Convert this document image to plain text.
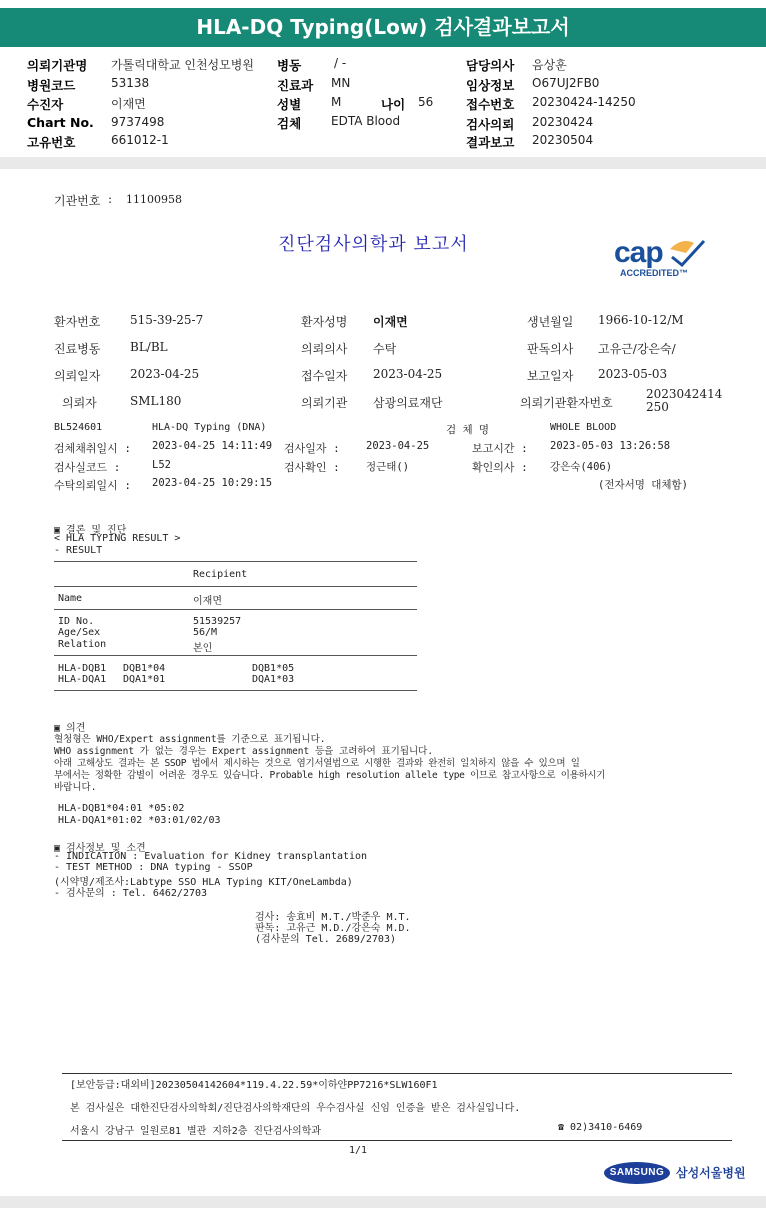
HLA-DQ Typing(Low) 검사결과보고서
의뢰기관명 가톨릭대학교 인천성모병원
병원코드	53138
수진자	이재면
Chart No. 9737498
고유번호	661012-1
병동	/ -
진료과 MN
성별 M	나이 56
검체 EDTA Blood
담당의사 음상훈
임상정보 O67UJ2FB0
접수번호 20230424-14250
검사의뢰 20230424
결과보고 20230504
기관번호 : 11100958
진단검사의학과 보고서	cap
ACCREDITED™
환자번호 515-39-25-7	환자성명 이재면	생년월일 1966-10-12/M
진료병동 BL/BL	의뢰의사 수탁	판독의사 고유근/강은숙/
의뢰일자 2023-04-25	접수일자 2023-04-25	보고일자 2023-05-03
의뢰자	SML180	의뢰기관 삼광의료재단	의뢰기관환자번호
2023042414250
BL524601	HLA-DQ Typing (DNA)	검 체 명	WHOLE BLOOD
검체채취일시 : 2023-04-25 14:11:49 검사일자 :	2023-04-25	보고시간 : 2023-05-03 13:26:58
검사실코드 :	L52	검사확인 :	정근태()	확인의사 : 강은숙(406)
수탁의뢰일시 : 2023-04-25 10:29:15	(전자서명 대체함)
▣ 결론 및 진단
< HLA TYPING RESULT >
- RESULT
Recipient
Name	이재면
ID No.	51539257
Age/Sex	56/M
Relation	본인
HLA-DQB1 DQB1*04	DQB1*05
HLA-DQA1 DQA1*01	DQA1*03
▣ 의견
혈청형은 WHO/Expert assignment를 기준으로 표기됩니다.
WHO assignment 가 없는 경우는 Expert assignment 등을 고려하여 표기됩니다.
아래 고해상도 결과는 본 SSOP 법에서 제시하는 것으로 염기서열법으로 시행한 결과와 완전히 일치하지 않을 수 있으며 일
부에서는 정확한 감별이 어려운 경우도 있습니다. Probable high resolution allele type 이므로 참고사항으로 이용하시기
바랍니다.
HLA-DQB1*04:01 *05:02
HLA-DQA1*01:02 *03:01/02/03
▣ 검사정보 및 소견
- INDICATION : Evaluation for Kidney transplantation
- TEST METHOD : DNA typing - SSOP
(시약명/제조사:Labtype SSO HLA Typing KIT/OneLambda)
- 검사문의 : Tel. 6462/2703
검사: 송효비 M.T./박준우 M.T.
판독: 고유근 M.D./강은숙 M.D.
(검사문의 Tel. 2689/2703)
[보안등급:대외비]20230504142604*119.4.22.59*이하얀PP7216*SLW160F1
본 검사실은 대한진단검사의학회/진단검사의학재단의 우수검사실 신임 인증을 받은 검사실입니다.
서울시 강남구 일원로81 별관 지하2층 진단검사의학과	☎ 02)3410-6469
1/1
SAMSUNG 삼성서울병원
